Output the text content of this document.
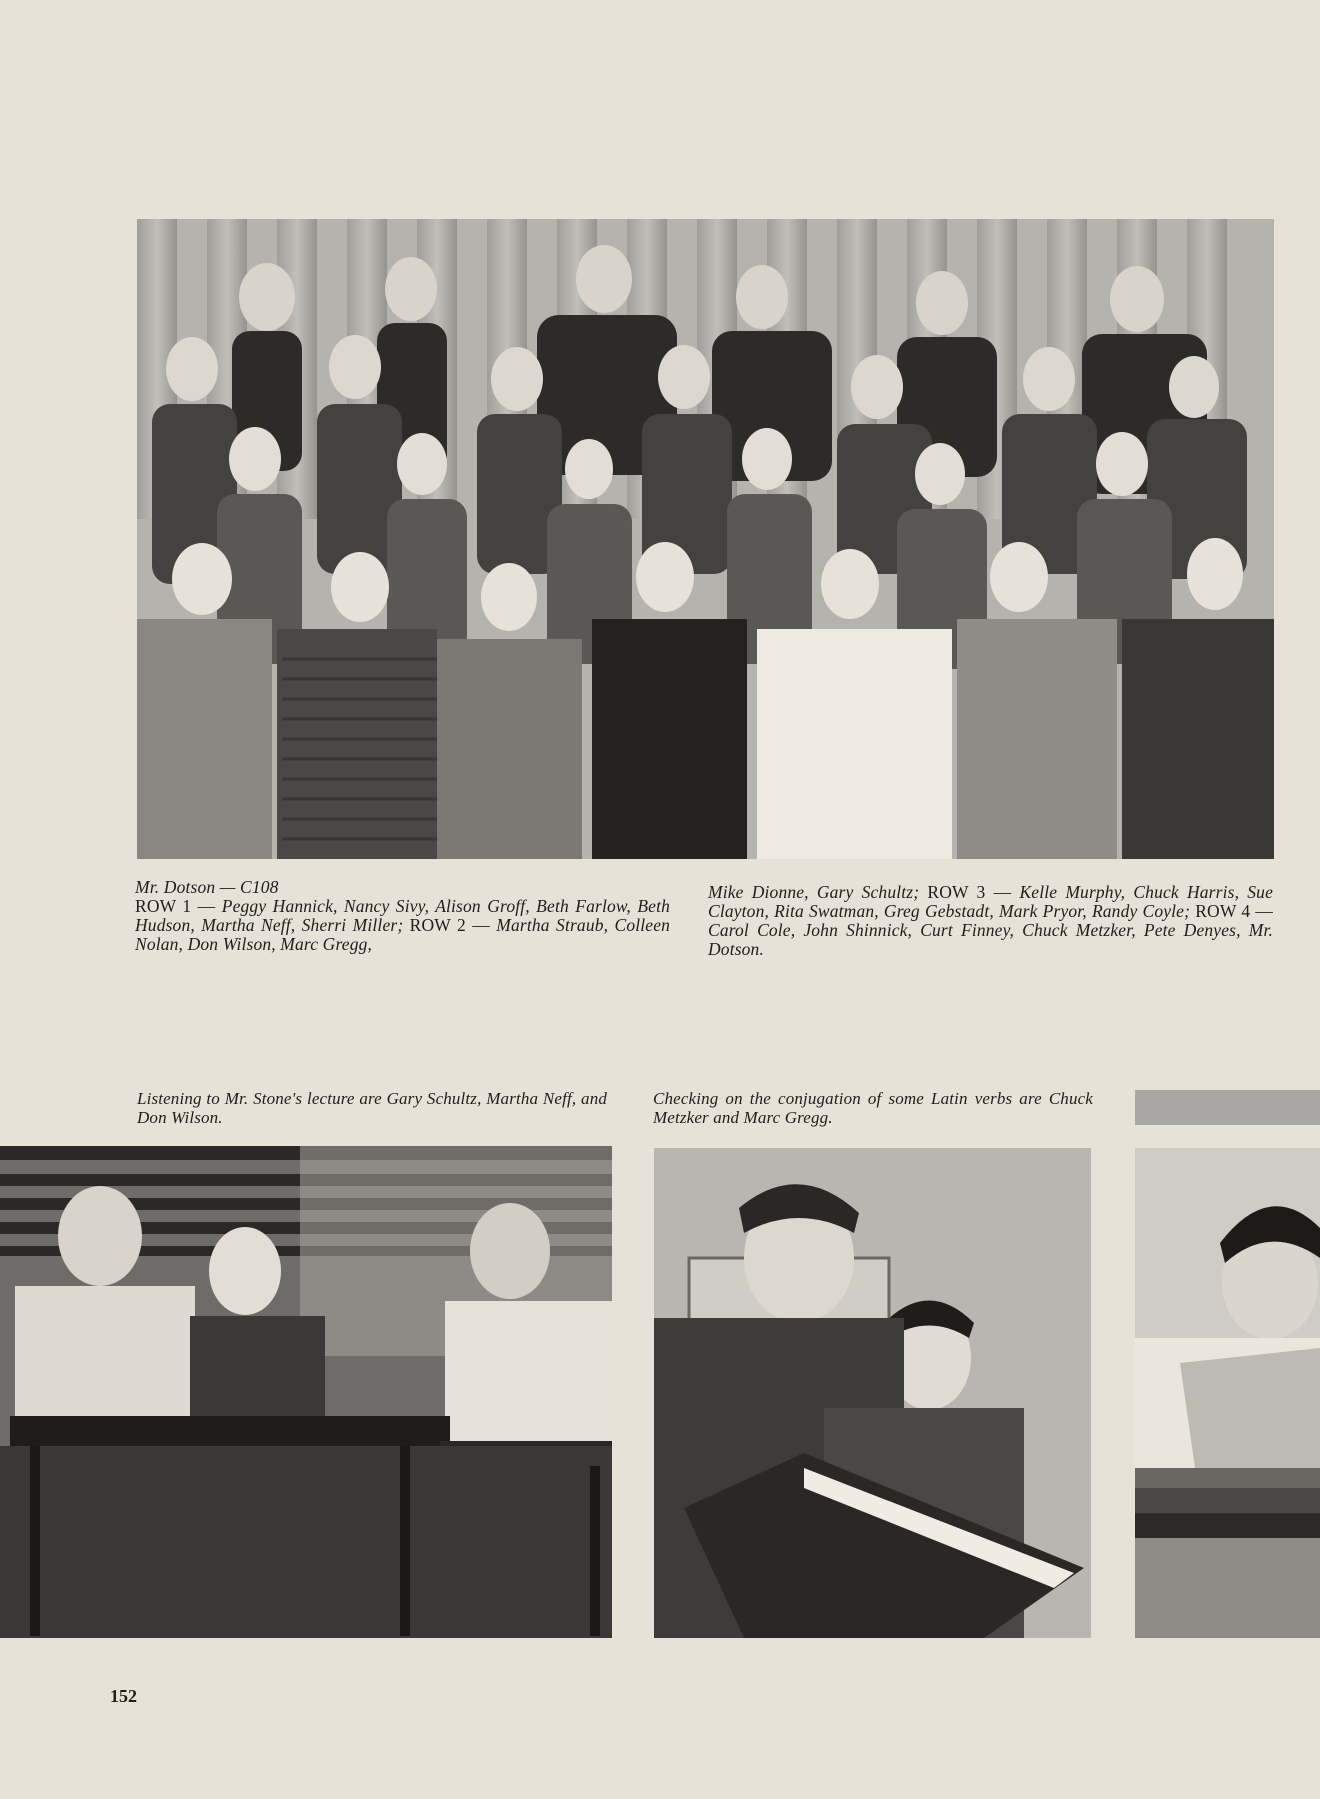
Mr. Dotson — C108
ROW 1 — Peggy Hannick, Nancy Sivy, Alison Groff, Beth Farlow, Beth Hudson, Martha Neff, Sherri Miller; ROW 2 — Martha Straub, Colleen Nolan, Don Wilson, Marc Gregg,
Mike Dionne, Gary Schultz; ROW 3 — Kelle Murphy, Chuck Harris, Sue Clayton, Rita Swatman, Greg Gebstadt, Mark Pryor, Randy Coyle; ROW 4 — Carol Cole, John Shinnick, Curt Finney, Chuck Metzker, Pete Denyes, Mr. Dotson.
Listening to Mr. Stone's lecture are Gary Schultz, Martha Neff, and Don Wilson.
Checking on the conjugation of some Latin verbs are Chuck Metzker and Marc Gregg.
152
